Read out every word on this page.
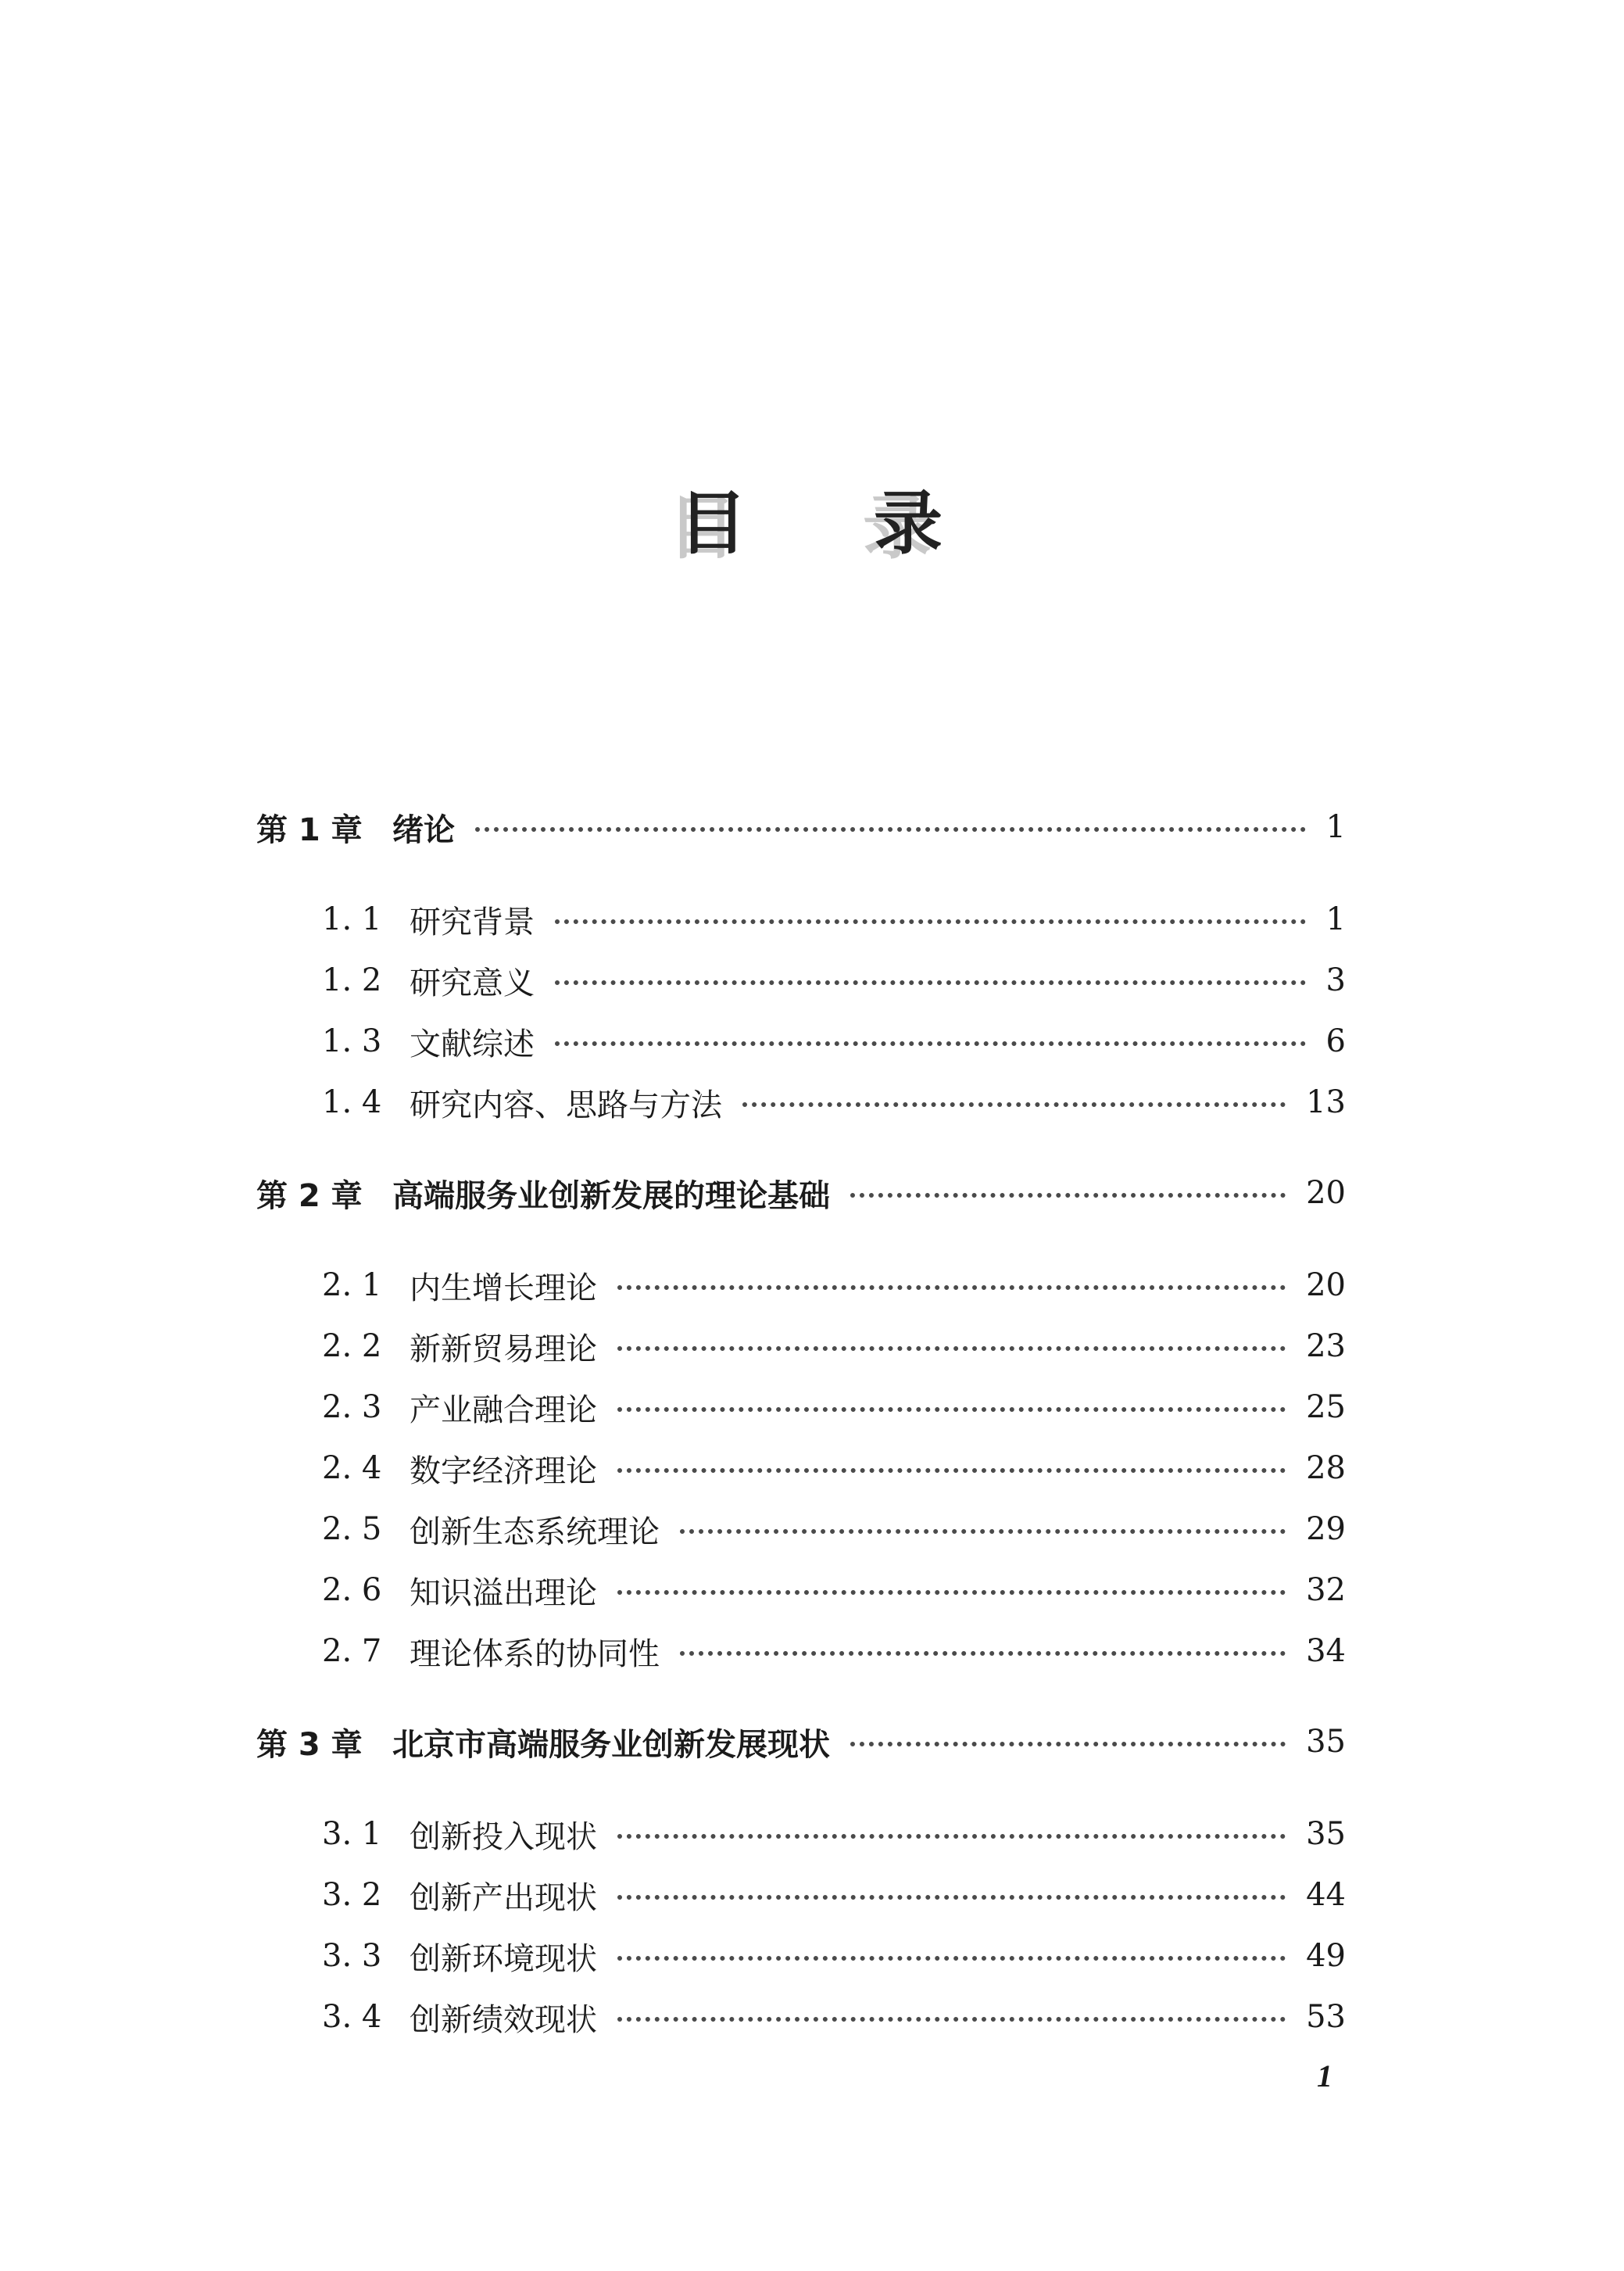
目 录
第 1 章 绪论	1
1. 1 研究背景	1
1. 2 研究意义	3
1. 3 文献综述	6
1. 4 研究内容、思路与方法	13
第 2 章 高端服务业创新发展的理论基础	20
2. 1 内生增长理论	20
2. 2 新新贸易理论	23
2. 3 产业融合理论	25
2. 4 数字经济理论	28
2. 5 创新生态系统理论	29
2. 6 知识溢出理论	32
2. 7 理论体系的协同性	34
第 3 章 北京市高端服务业创新发展现状	35
3. 1 创新投入现状	35
3. 2 创新产出现状	44
3. 3 创新环境现状	49
3. 4 创新绩效现状	53
1
